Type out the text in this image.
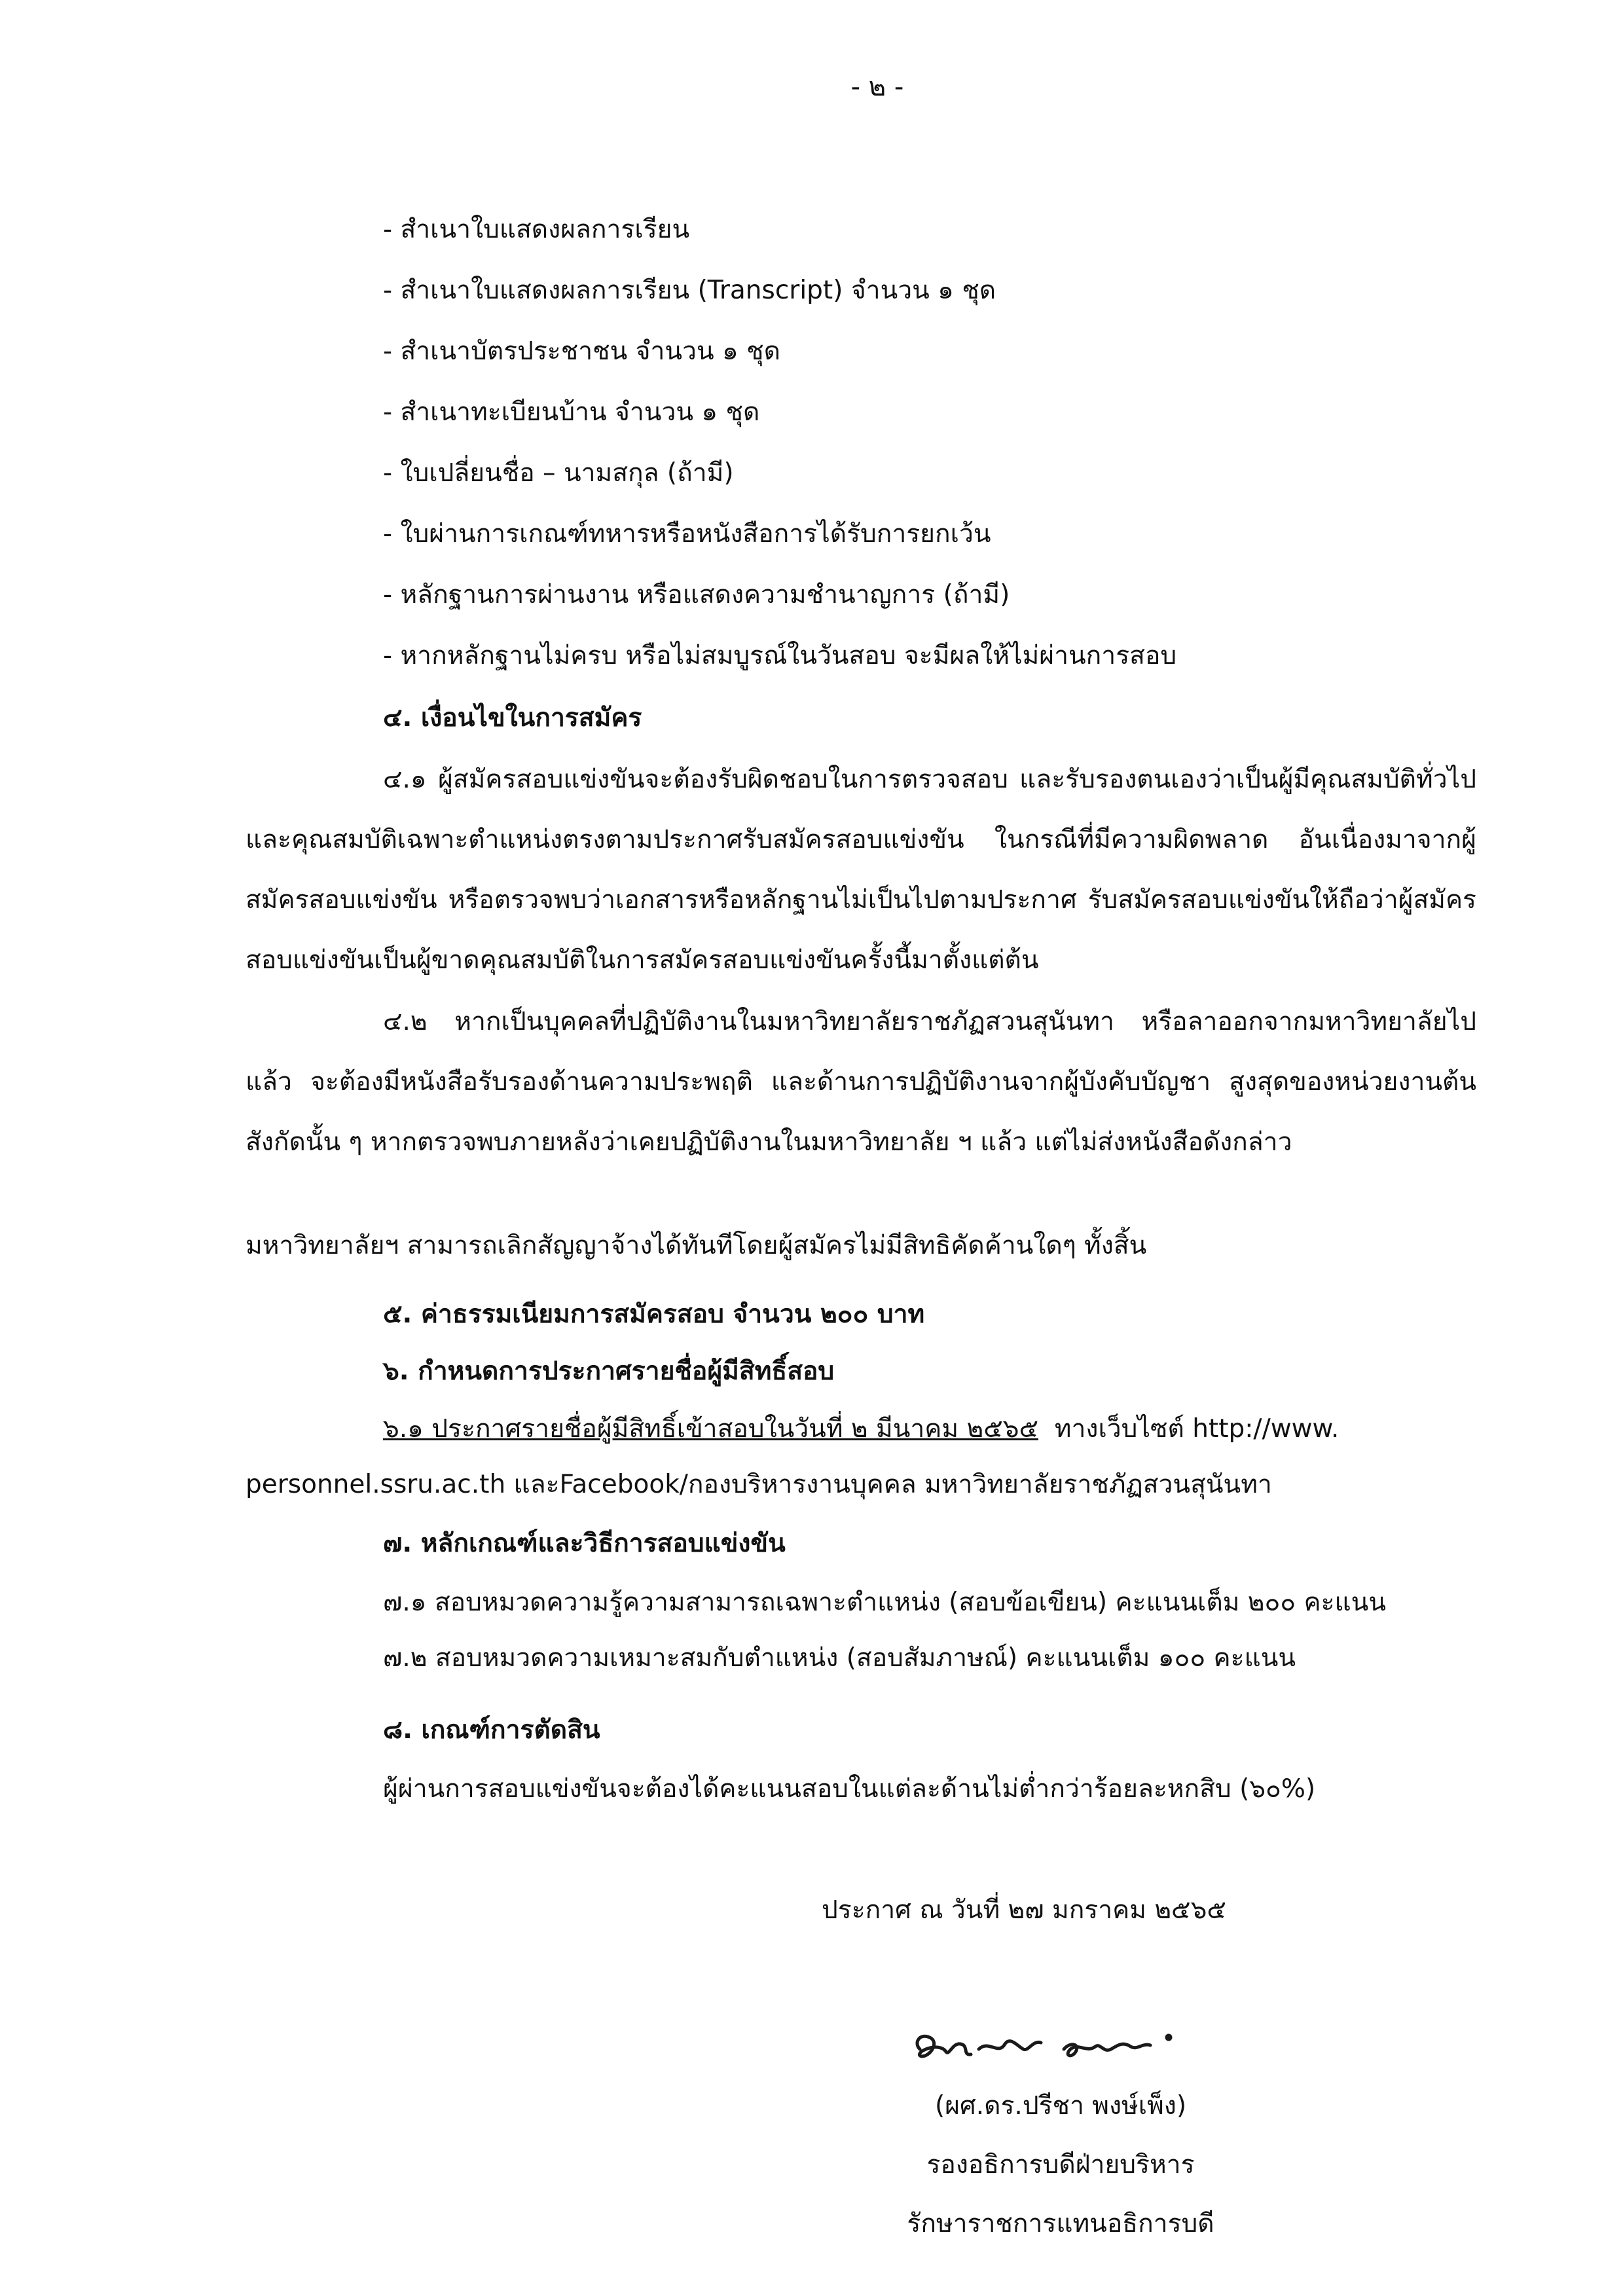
- ๒ -
- สำเนาใบแสดงผลการเรียน
- สำเนาใบแสดงผลการเรียน (Transcript) จำนวน ๑ ชุด
- สำเนาบัตรประชาชน จำนวน ๑ ชุด
- สำเนาทะเบียนบ้าน จำนวน ๑ ชุด
- ใบเปลี่ยนชื่อ – นามสกุล (ถ้ามี)
- ใบผ่านการเกณฑ์ทหารหรือหนังสือการได้รับการยกเว้น
- หลักฐานการผ่านงาน หรือแสดงความชำนาญการ (ถ้ามี)
- หากหลักฐานไม่ครบ หรือไม่สมบูรณ์ในวันสอบ จะมีผลให้ไม่ผ่านการสอบ
๔. เงื่อนไขในการสมัคร
๔.๑ ผู้สมัครสอบแข่งขันจะต้องรับผิดชอบในการตรวจสอบ และรับรองตนเองว่าเป็นผู้มีคุณสมบัติทั่วไป และคุณสมบัติเฉพาะตำแหน่งตรงตามประกาศรับสมัครสอบแข่งขัน ในกรณีที่มีความผิดพลาด อันเนื่องมาจากผู้สมัครสอบแข่งขัน หรือตรวจพบว่าเอกสารหรือหลักฐานไม่เป็นไปตามประกาศ รับสมัครสอบแข่งขันให้ถือว่าผู้สมัครสอบแข่งขันเป็นผู้ขาดคุณสมบัติในการสมัครสอบแข่งขันครั้งนี้มาตั้งแต่ต้น
๔.๒ หากเป็นบุคคลที่ปฏิบัติงานในมหาวิทยาลัยราชภัฏสวนสุนันทา หรือลาออกจากมหาวิทยาลัยไปแล้ว จะต้องมีหนังสือรับรองด้านความประพฤติ และด้านการปฏิบัติงานจากผู้บังคับบัญชา สูงสุดของหน่วยงานต้นสังกัดนั้น ๆ หากตรวจพบภายหลังว่าเคยปฏิบัติงานในมหาวิทยาลัย ฯ แล้ว แต่ไม่ส่งหนังสือดังกล่าว
มหาวิทยาลัยฯ สามารถเลิกสัญญาจ้างได้ทันทีโดยผู้สมัครไม่มีสิทธิคัดค้านใดๆ ทั้งสิ้น
๕. ค่าธรรมเนียมการสมัครสอบ จำนวน ๒๐๐ บาท
๖. กำหนดการประกาศรายชื่อผู้มีสิทธิ์สอบ
๖.๑ ประกาศรายชื่อผู้มีสิทธิ์เข้าสอบในวันที่ ๒ มีนาคม ๒๕๖๕ ทางเว็บไซต์ http://www.
personnel.ssru.ac.th และFacebook/กองบริหารงานบุคคล มหาวิทยาลัยราชภัฏสวนสุนันทา
๗. หลักเกณฑ์และวิธีการสอบแข่งขัน
๗.๑ สอบหมวดความรู้ความสามารถเฉพาะตำแหน่ง (สอบข้อเขียน) คะแนนเต็ม ๒๐๐ คะแนน
๗.๒ สอบหมวดความเหมาะสมกับตำแหน่ง (สอบสัมภาษณ์) คะแนนเต็ม ๑๐๐ คะแนน
๘. เกณฑ์การตัดสิน
ผู้ผ่านการสอบแข่งขันจะต้องได้คะแนนสอบในแต่ละด้านไม่ต่ำกว่าร้อยละหกสิบ (๖๐%)
ประกาศ ณ วันที่ ๒๗ มกราคม ๒๕๖๕
(ผศ.ดร.ปรีชา พงษ์เพ็ง)
รองอธิการบดีฝ่ายบริหาร
รักษาราชการแทนอธิการบดี
